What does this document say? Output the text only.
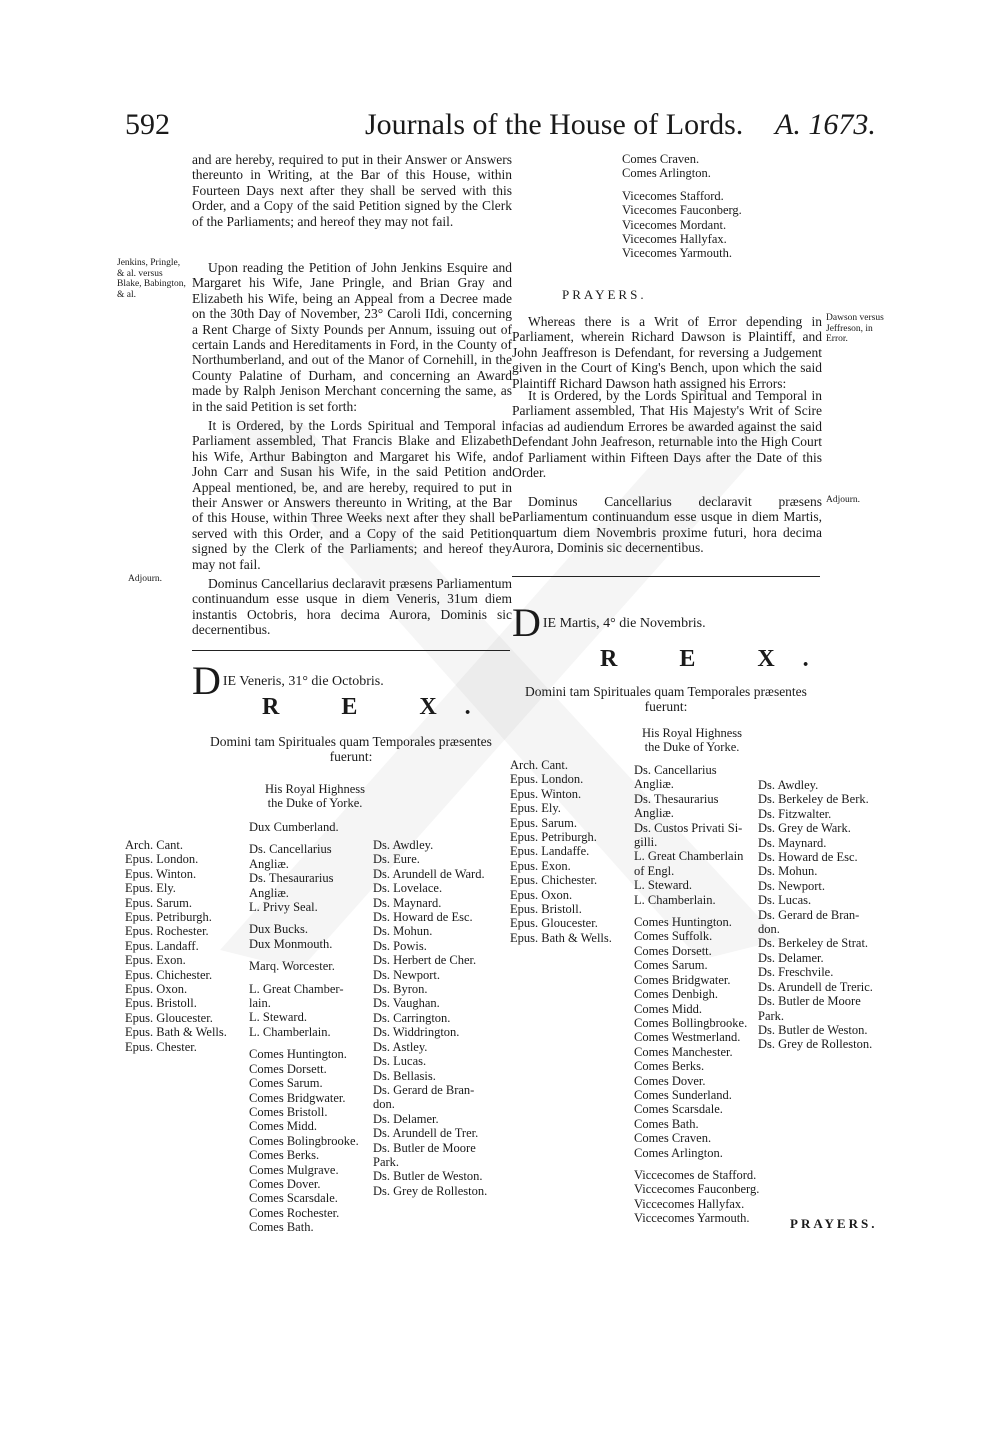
592	Journals of the House of Lords. A. 1673.

and are hereby, required to put in their Answer or Answers thereunto in Writing, at the Bar of this House, within Fourteen Days next after they shall be served with this Order, and a Copy of the said Petition signed by the Clerk of the Parliaments; and hereof they may not fail.

Jenkins, Pringle, & al. versus Blake, Babington, & al.

Upon reading the Petition of John Jenkins Esquire and Margaret his Wife, Jane Pringle, and Brian Gray and Elizabeth his Wife, being an Appeal from a Decree made on the 30th Day of November, 23° Caroli IIdi, concerning a Rent Charge of Sixty Pounds per Annum, issuing out of certain Lands and Hereditaments in Ford, in the County of Northumberland, and out of the Manor of Cornehill, in the County Palatine of Durham, and concerning an Award made by Ralph Jenison Merchant concerning the same, as in the said Petition is set forth:

It is Ordered, by the Lords Spiritual and Temporal in Parliament assembled, That Francis Blake and Elizabeth his Wife, Arthur Babington and Margaret his Wife, and John Carr and Susan his Wife, in the said Petition and Appeal mentioned, be, and are hereby, required to put in their Answer or Answers thereunto in Writing, at the Bar of this House, within Three Weeks next after they shall be served with this Order, and a Copy of the said Petition signed by the Clerk of the Parliaments; and hereof they may not fail.

Adjourn.	Dominus Cancellarius declaravit præsens Parliamentum continuandum esse usque in diem Veneris, 31um diem instantis Octobris, hora decima Aurora, Dominis sic decernentibus.

DIE Veneris, 31° die Octobris.
R E X.
Domini tam Spirituales quam Temporales præsentes fuerunt:
His Royal Highness
the Duke of Yorke.
Arch. Cant.
Epus. London.
Epus. Winton.
Epus. Ely.
Epus. Sarum.
Epus. Petriburgh.
Epus. Rochester.
Epus. Landaff.
Epus. Exon.
Epus. Chichester.
Epus. Oxon.
Epus. Bristoll.
Epus. Gloucester.
Epus. Bath & Wells.
Epus. Chester.
Dux Cumberland.
Ds. Cancellarius
Angliæ.
Ds. Thesaurarius
Angliæ.
L. Privy Seal.
Dux Bucks.
Dux Monmouth.
Marq. Worcester.
L. Great Chamber-
lain.
L. Steward.
L. Chamberlain.
Comes Huntington.
Comes Dorsett.
Comes Sarum.
Comes Bridgwater.
Comes Bristoll.
Comes Midd.
Comes Bolingbrooke.
Comes Berks.
Comes Mulgrave.
Comes Dover.
Comes Scarsdale.
Comes Rochester.
Comes Bath.
Ds. Awdley.
Ds. Eure.
Ds. Arundell de Ward.
Ds. Lovelace.
Ds. Maynard.
Ds. Howard de Esc.
Ds. Mohun.
Ds. Powis.
Ds. Herbert de Cher.
Ds. Newport.
Ds. Byron.
Ds. Vaughan.
Ds. Carrington.
Ds. Widdrington.
Ds. Astley.
Ds. Lucas.
Ds. Bellasis.
Ds. Gerard de Bran-
don.
Ds. Delamer.
Ds. Arundell de Trer.
Ds. Butler de Moore
Park.
Ds. Butler de Weston.
Ds. Grey de Rolleston.
Comes Craven.
Comes Arlington.
Vicecomes Stafford.
Vicecomes Fauconberg.
Vicecomes Mordant.
Vicecomes Hallyfax.
Vicecomes Yarmouth.
PRAYERS.
Dawson versus Jeffreson, in Error.

Whereas there is a Writ of Error depending in Parliament, wherein Richard Dawson is Plaintiff, and John Jeaffreson is Defendant, for reversing a Judgement given in the Court of King's Bench, upon which the said Plaintiff Richard Dawson hath assigned his Errors:

It is Ordered, by the Lords Spiritual and Temporal in Parliament assembled, That His Majesty's Writ of Scire facias ad audiendum Errores be awarded against the said Defendant John Jeafreson, returnable into the High Court of Parliament within Fifteen Days after the Date of this Order.

Adjourn.

Dominus Cancellarius declaravit præsens Parliamentum continuandum esse usque in diem Martis, quartum diem Novembris proxime futuri, hora decima Aurora, Dominis sic decernentibus.

DIE Martis, 4° die Novembris.
R E X.
Domini tam Spirituales quam Temporales præsentes fuerunt:
His Royal Highness
the Duke of Yorke.
Arch. Cant.
Epus. London.
Epus. Winton.
Epus. Ely.
Epus. Sarum.
Epus. Petriburgh.
Epus. Landaffe.
Epus. Exon.
Epus. Chichester.
Epus. Oxon.
Epus. Bristoll.
Epus. Gloucester.
Epus. Bath & Wells.
Ds. Cancellarius
Angliæ.
Ds. Thesaurarius
Angliæ.
Ds. Custos Privati Si-
gilli.
L. Great Chamberlain
of Engl.
L. Steward.
L. Chamberlain.
Comes Huntington.
Comes Suffolk.
Comes Dorsett.
Comes Sarum.
Comes Bridgwater.
Comes Denbigh.
Comes Midd.
Comes Bollingbrooke.
Comes Westmerland.
Comes Manchester.
Comes Berks.
Comes Dover.
Comes Sunderland.
Comes Scarsdale.
Comes Bath.
Comes Craven.
Comes Arlington.
Viccecomes de Stafford.
Viccecomes Fauconberg.
Viccecomes Hallyfax.
Viccecomes Yarmouth.
Ds. Awdley.
Ds. Berkeley de Berk.
Ds. Fitzwalter.
Ds. Grey de Wark.
Ds. Maynard.
Ds. Howard de Esc.
Ds. Mohun.
Ds. Newport.
Ds. Lucas.
Ds. Gerard de Bran-
don.
Ds. Berkeley de Strat.
Ds. Delamer.
Ds. Freschvile.
Ds. Arundell de Treric.
Ds. Butler de Moore
Park.
Ds. Butler de Weston.
Ds. Grey de Rolleston.
PRAYERS.
